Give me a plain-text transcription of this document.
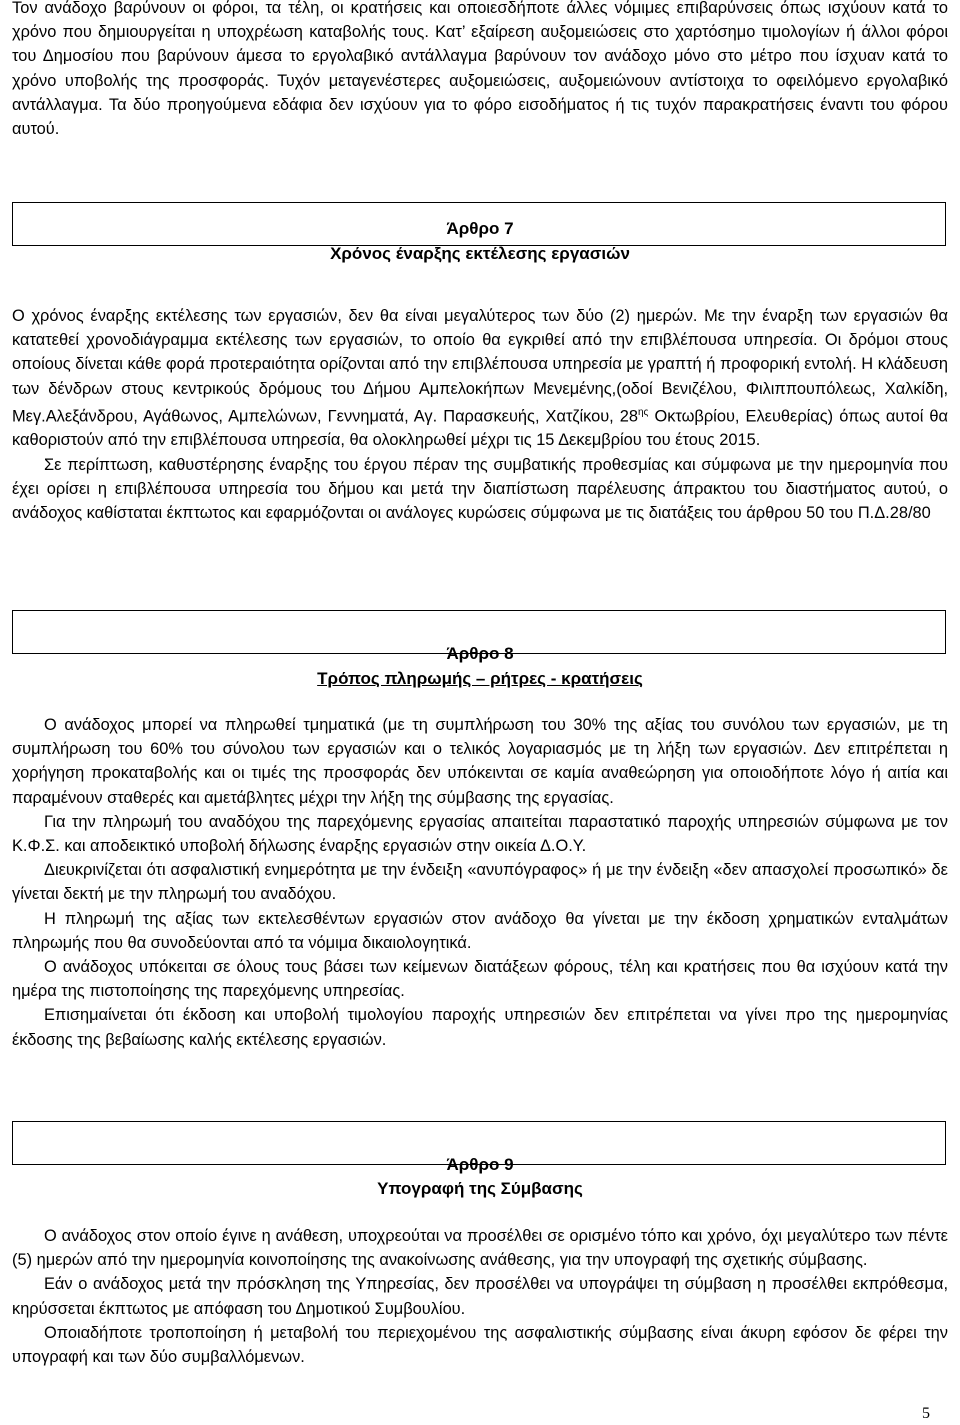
Τον ανάδοχο βαρύνουν οι φόροι, τα τέλη, οι κρατήσεις και οποιεσδήποτε άλλες νόμιμες επιβαρύνσεις όπως ισχύουν κατά το χρόνο που δημιουργείται η υποχρέωση καταβολής τους. Κατ’ εξαίρεση αυξομειώσεις στο χαρτόσημο τιμολογίων ή άλλοι φόροι του Δημοσίου που βαρύνουν άμεσα το εργολαβικό αντάλλαγμα βαρύνουν τον ανάδοχο μόνο στο μέτρο που ίσχυαν κατά το χρόνο υποβολής της προσφοράς. Τυχόν μεταγενέστερες αυξομειώσεις, αυξομειώνουν αντίστοιχα το οφειλόμενο εργολαβικό αντάλλαγμα. Τα δύο προηγούμενα εδάφια δεν ισχύουν για το φόρο εισοδήματος ή τις τυχόν παρακρατήσεις έναντι του φόρου αυτού.

Άρθρο 7
Χρόνος έναρξης εκτέλεσης εργασιών

Ο χρόνος έναρξης εκτέλεσης των εργασιών, δεν θα είναι μεγαλύτερος των δύο (2) ημερών. Με την έναρξη των εργασιών θα κατατεθεί χρονοδιάγραμμα εκτέλεσης των εργασιών, το οποίο θα εγκριθεί από την επιβλέπουσα υπηρεσία. Οι δρόμοι στους οποίους δίνεται κάθε φορά προτεραιότητα ορίζονται από την επιβλέπουσα υπηρεσία με γραπτή ή προφορική εντολή. Η κλάδευση των δένδρων στους κεντρικούς δρόμους του Δήμου Αμπελοκήπων Μενεμένης,(οδοί Βενιζέλου, Φιλιππουπόλεως, Χαλκίδη, Μεγ.Αλεξάνδρου, Αγάθωνος, Αμπελώνων, Γεννηματά, Αγ. Παρασκευής, Χατζίκου, $28^{\eta\varsigma}$ Οκτωβρίου, Ελευθερίας) όπως αυτοί θα καθοριστούν από την επιβλέπουσα υπηρεσία, θα ολοκληρωθεί μέχρι τις 15 Δεκεμβρίου του έτους 2015.

Σε περίπτωση, καθυστέρησης έναρξης του έργου πέραν της συμβατικής προθεσμίας και σύμφωνα με την ημερομηνία που έχει ορίσει η επιβλέπουσα υπηρεσία του δήμου και μετά την διαπίστωση παρέλευσης άπρακτου του διαστήματος αυτού, ο ανάδοχος καθίσταται έκπτωτος και εφαρμόζονται οι ανάλογες κυρώσεις σύμφωνα με τις διατάξεις του άρθρου 50 του Π.Δ.28/80

Άρθρο 8
Τρόπος πληρωμής – ρήτρες - κρατήσεις

Ο ανάδοχος μπορεί να πληρωθεί τμηματικά (με τη συμπλήρωση του 30% της αξίας του συνόλου των εργασιών, με τη συμπλήρωση του 60% του σύνολου των εργασιών και ο τελικός λογαριασμός με τη λήξη των εργασιών. Δεν επιτρέπεται η χορήγηση προκαταβολής και οι τιμές της προσφοράς δεν υπόκεινται σε καμία αναθεώρηση για οποιοδήποτε λόγο ή αιτία και παραμένουν σταθερές και αμετάβλητες μέχρι την λήξη της σύμβασης της εργασίας.

Για την πληρωμή του αναδόχου της παρεχόμενης εργασίας απαιτείται παραστατικό παροχής υπηρεσιών σύμφωνα με τον Κ.Φ.Σ. και αποδεικτικό υποβολή δήλωσης έναρξης εργασιών στην οικεία Δ.Ο.Υ.

Διευκρινίζεται ότι ασφαλιστική ενημερότητα με την ένδειξη «ανυπόγραφος» ή με την ένδειξη «δεν απασχολεί προσωπικό» δε γίνεται δεκτή με την πληρωμή του αναδόχου.

Η πληρωμή της αξίας των εκτελεσθέντων εργασιών στον ανάδοχο θα γίνεται με την έκδοση χρηματικών ενταλμάτων πληρωμής που θα συνοδεύονται από τα νόμιμα δικαιολογητικά.

Ο ανάδοχος υπόκειται σε όλους τους βάσει των κείμενων διατάξεων φόρους, τέλη και κρατήσεις που θα ισχύουν κατά την ημέρα της πιστοποίησης της παρεχόμενης υπηρεσίας.

Επισημαίνεται ότι έκδοση και υποβολή τιμολογίου παροχής υπηρεσιών δεν επιτρέπεται να γίνει προ της ημερομηνίας έκδοσης της βεβαίωσης καλής εκτέλεσης εργασιών.

Άρθρο 9
Υπογραφή της Σύμβασης

Ο ανάδοχος στον οποίο έγινε η ανάθεση, υποχρεούται να προσέλθει σε ορισμένο τόπο και χρόνο, όχι μεγαλύτερο των πέντε (5) ημερών από την ημερομηνία κοινοποίησης της ανακοίνωσης ανάθεσης, για την υπογραφή της σχετικής σύμβασης.

Εάν ο ανάδοχος μετά την πρόσκληση της Υπηρεσίας, δεν προσέλθει να υπογράψει τη σύμβαση η προσέλθει εκπρόθεσμα, κηρύσσεται έκπτωτος με απόφαση του Δημοτικού Συμβουλίου.

Οποιαδήποτε τροποποίηση ή μεταβολή του περιεχομένου της ασφαλιστικής σύμβασης είναι άκυρη εφόσον δε φέρει την υπογραφή και των δύο συμβαλλόμενων.

5
